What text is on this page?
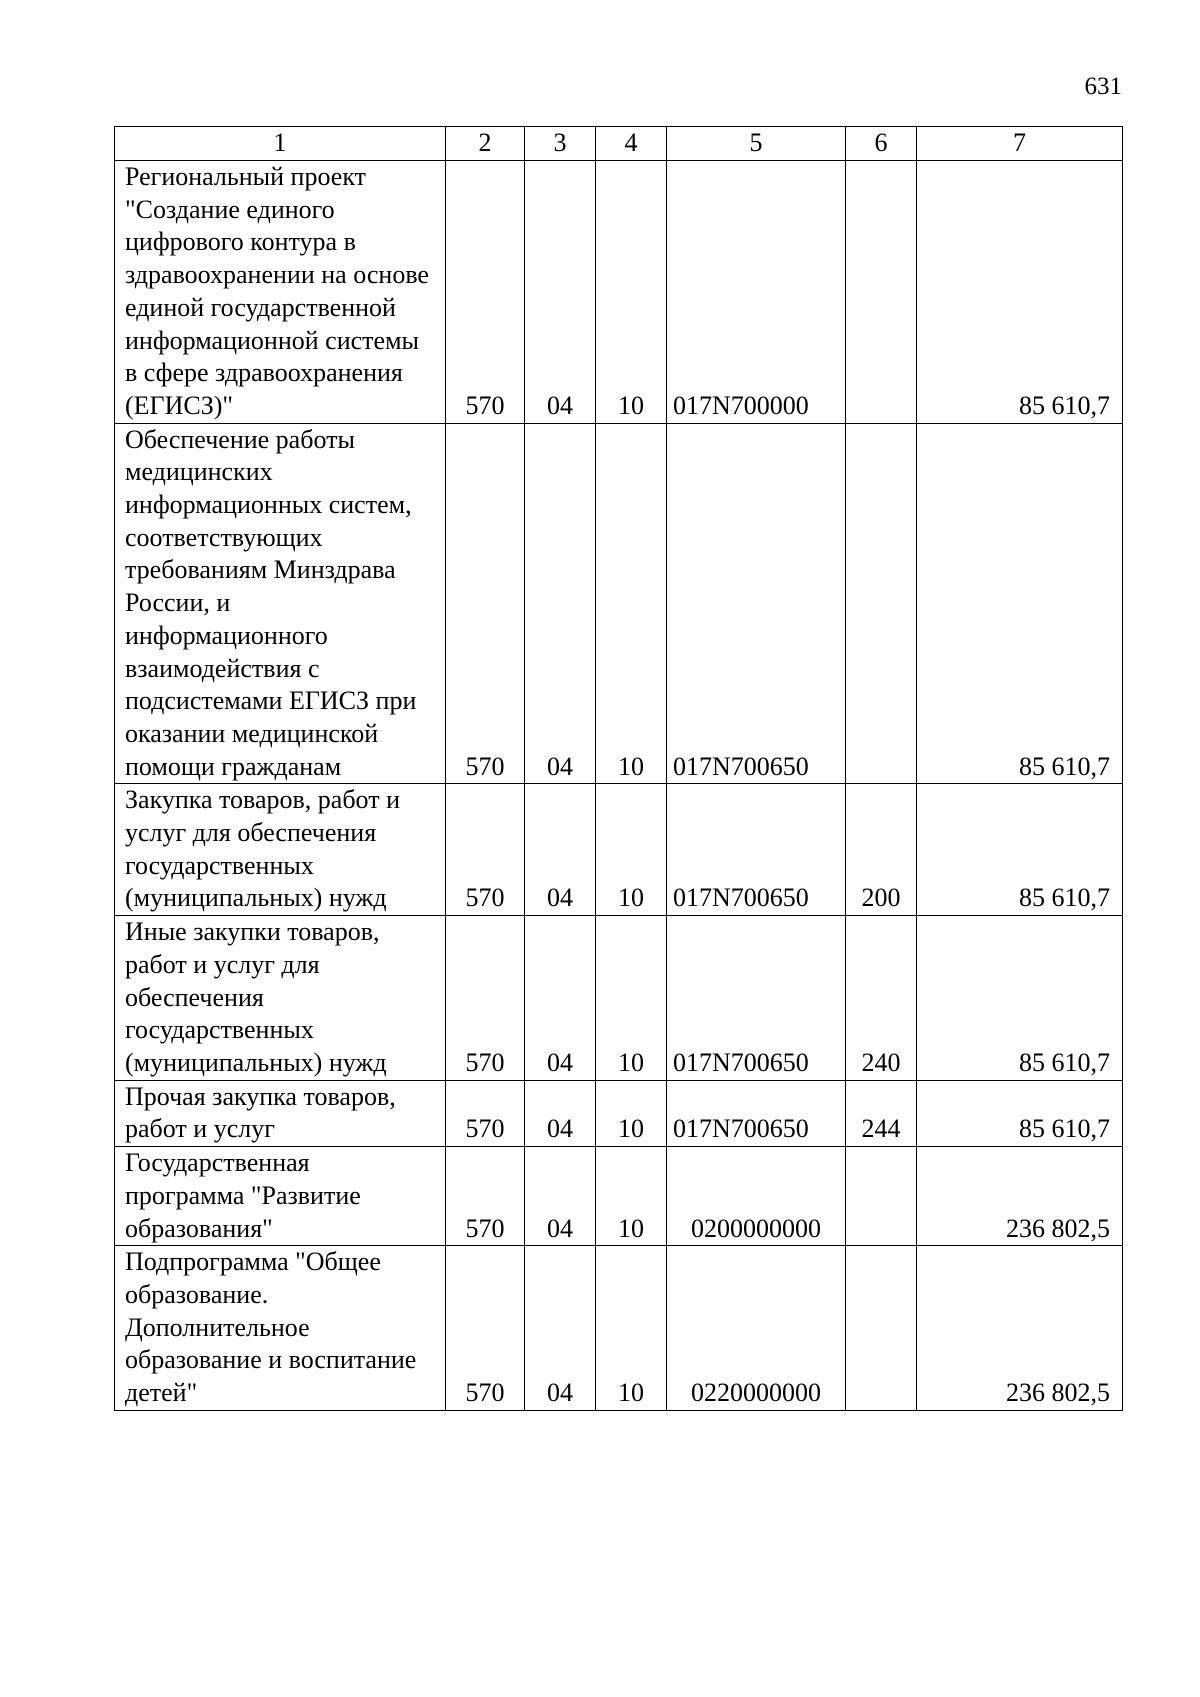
631
1	2	3	4	5	6	7
Региональный проект "Создание единого цифрового контура в здравоохранении на основе единой государственной информационной системы в сфере здравоохранения (ЕГИСЗ)"	570	04	10	017N700000		85 610,7
Обеспечение работы медицинских информационных систем, соответствующих требованиям Минздрава России, и информационного взаимодействия с подсистемами ЕГИСЗ при оказании медицинской помощи гражданам	570	04	10	017N700650		85 610,7
Закупка товаров, работ и услуг для обеспечения государственных (муниципальных) нужд	570	04	10	017N700650	200	85 610,7
Иные закупки товаров, работ и услуг для обеспечения государственных (муниципальных) нужд	570	04	10	017N700650	240	85 610,7
Прочая закупка товаров, работ и услуг	570	04	10	017N700650	244	85 610,7
Государственная программа "Развитие образования"	570	04	10	0200000000		236 802,5
Подпрограмма "Общее образование. Дополнительное образование и воспитание детей"	570	04	10	0220000000		236 802,5
